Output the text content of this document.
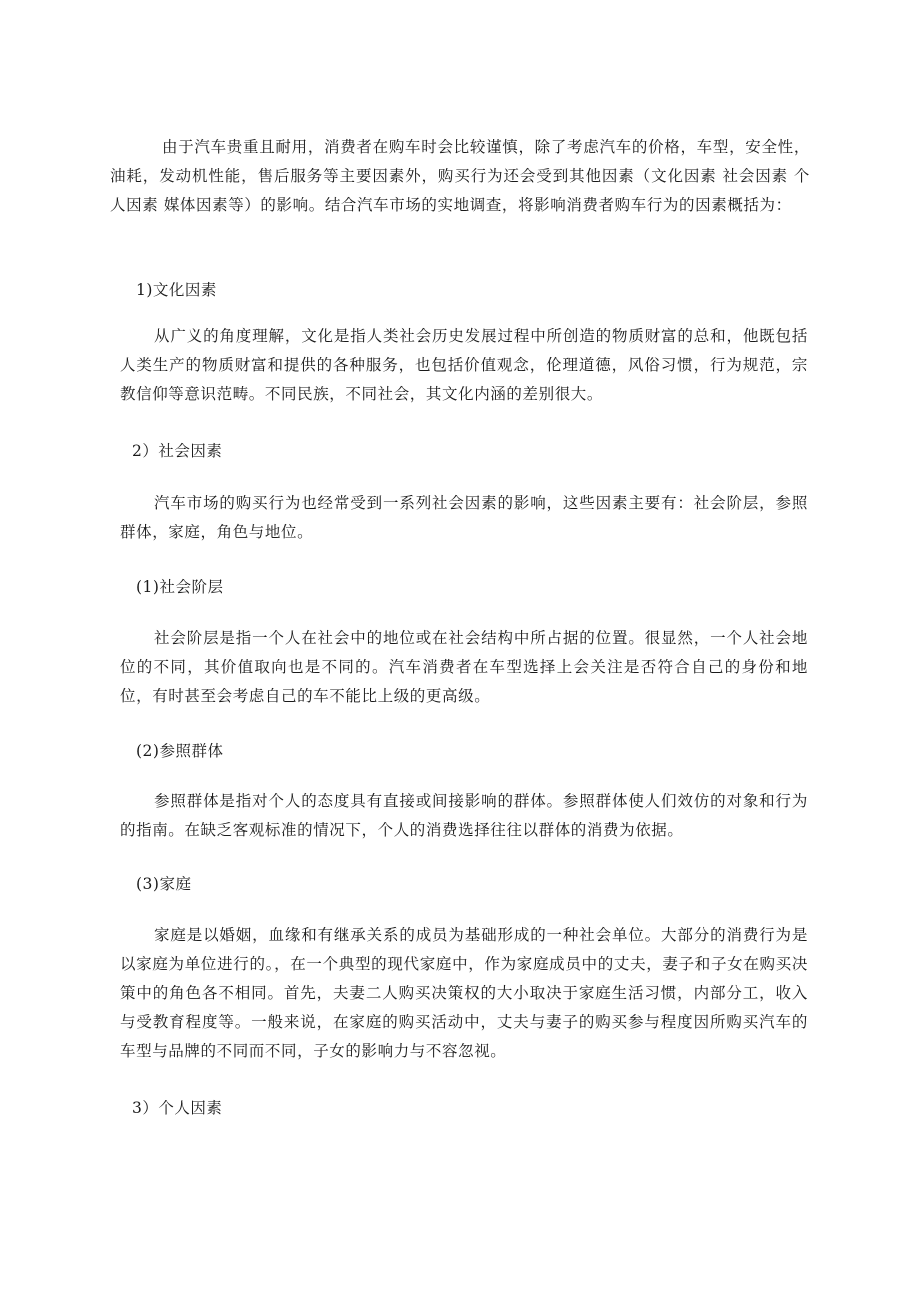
由于汽车贵重且耐用，消费者在购车时会比较谨慎，除了考虑汽车的价格，车型，安全性，油耗，发动机性能，售后服务等主要因素外，购买行为还会受到其他因素（文化因素 社会因素 个人因素 媒体因素等）的影响。结合汽车市场的实地调查，将影响消费者购车行为的因素概括为：

1)文化因素

从广义的角度理解，文化是指人类社会历史发展过程中所创造的物质财富的总和，他既包括人类生产的物质财富和提供的各种服务，也包括价值观念，伦理道德，风俗习惯，行为规范，宗教信仰等意识范畴。不同民族，不同社会，其文化内涵的差别很大。

2）社会因素

汽车市场的购买行为也经常受到一系列社会因素的影响，这些因素主要有：社会阶层，参照群体，家庭，角色与地位。

(1)社会阶层

社会阶层是指一个人在社会中的地位或在社会结构中所占据的位置。很显然，一个人社会地位的不同，其价值取向也是不同的。汽车消费者在车型选择上会关注是否符合自己的身份和地位，有时甚至会考虑自己的车不能比上级的更高级。

(2)参照群体

参照群体是指对个人的态度具有直接或间接影响的群体。参照群体使人们效仿的对象和行为的指南。在缺乏客观标准的情况下，个人的消费选择往往以群体的消费为依据。

(3)家庭

家庭是以婚姻，血缘和有继承关系的成员为基础形成的一种社会单位。大部分的消费行为是以家庭为单位进行的。，在一个典型的现代家庭中，作为家庭成员中的丈夫，妻子和子女在购买决策中的角色各不相同。首先，夫妻二人购买决策权的大小取决于家庭生活习惯，内部分工，收入与受教育程度等。一般来说，在家庭的购买活动中，丈夫与妻子的购买参与程度因所购买汽车的车型与品牌的不同而不同，子女的影响力与不容忽视。

3）个人因素
